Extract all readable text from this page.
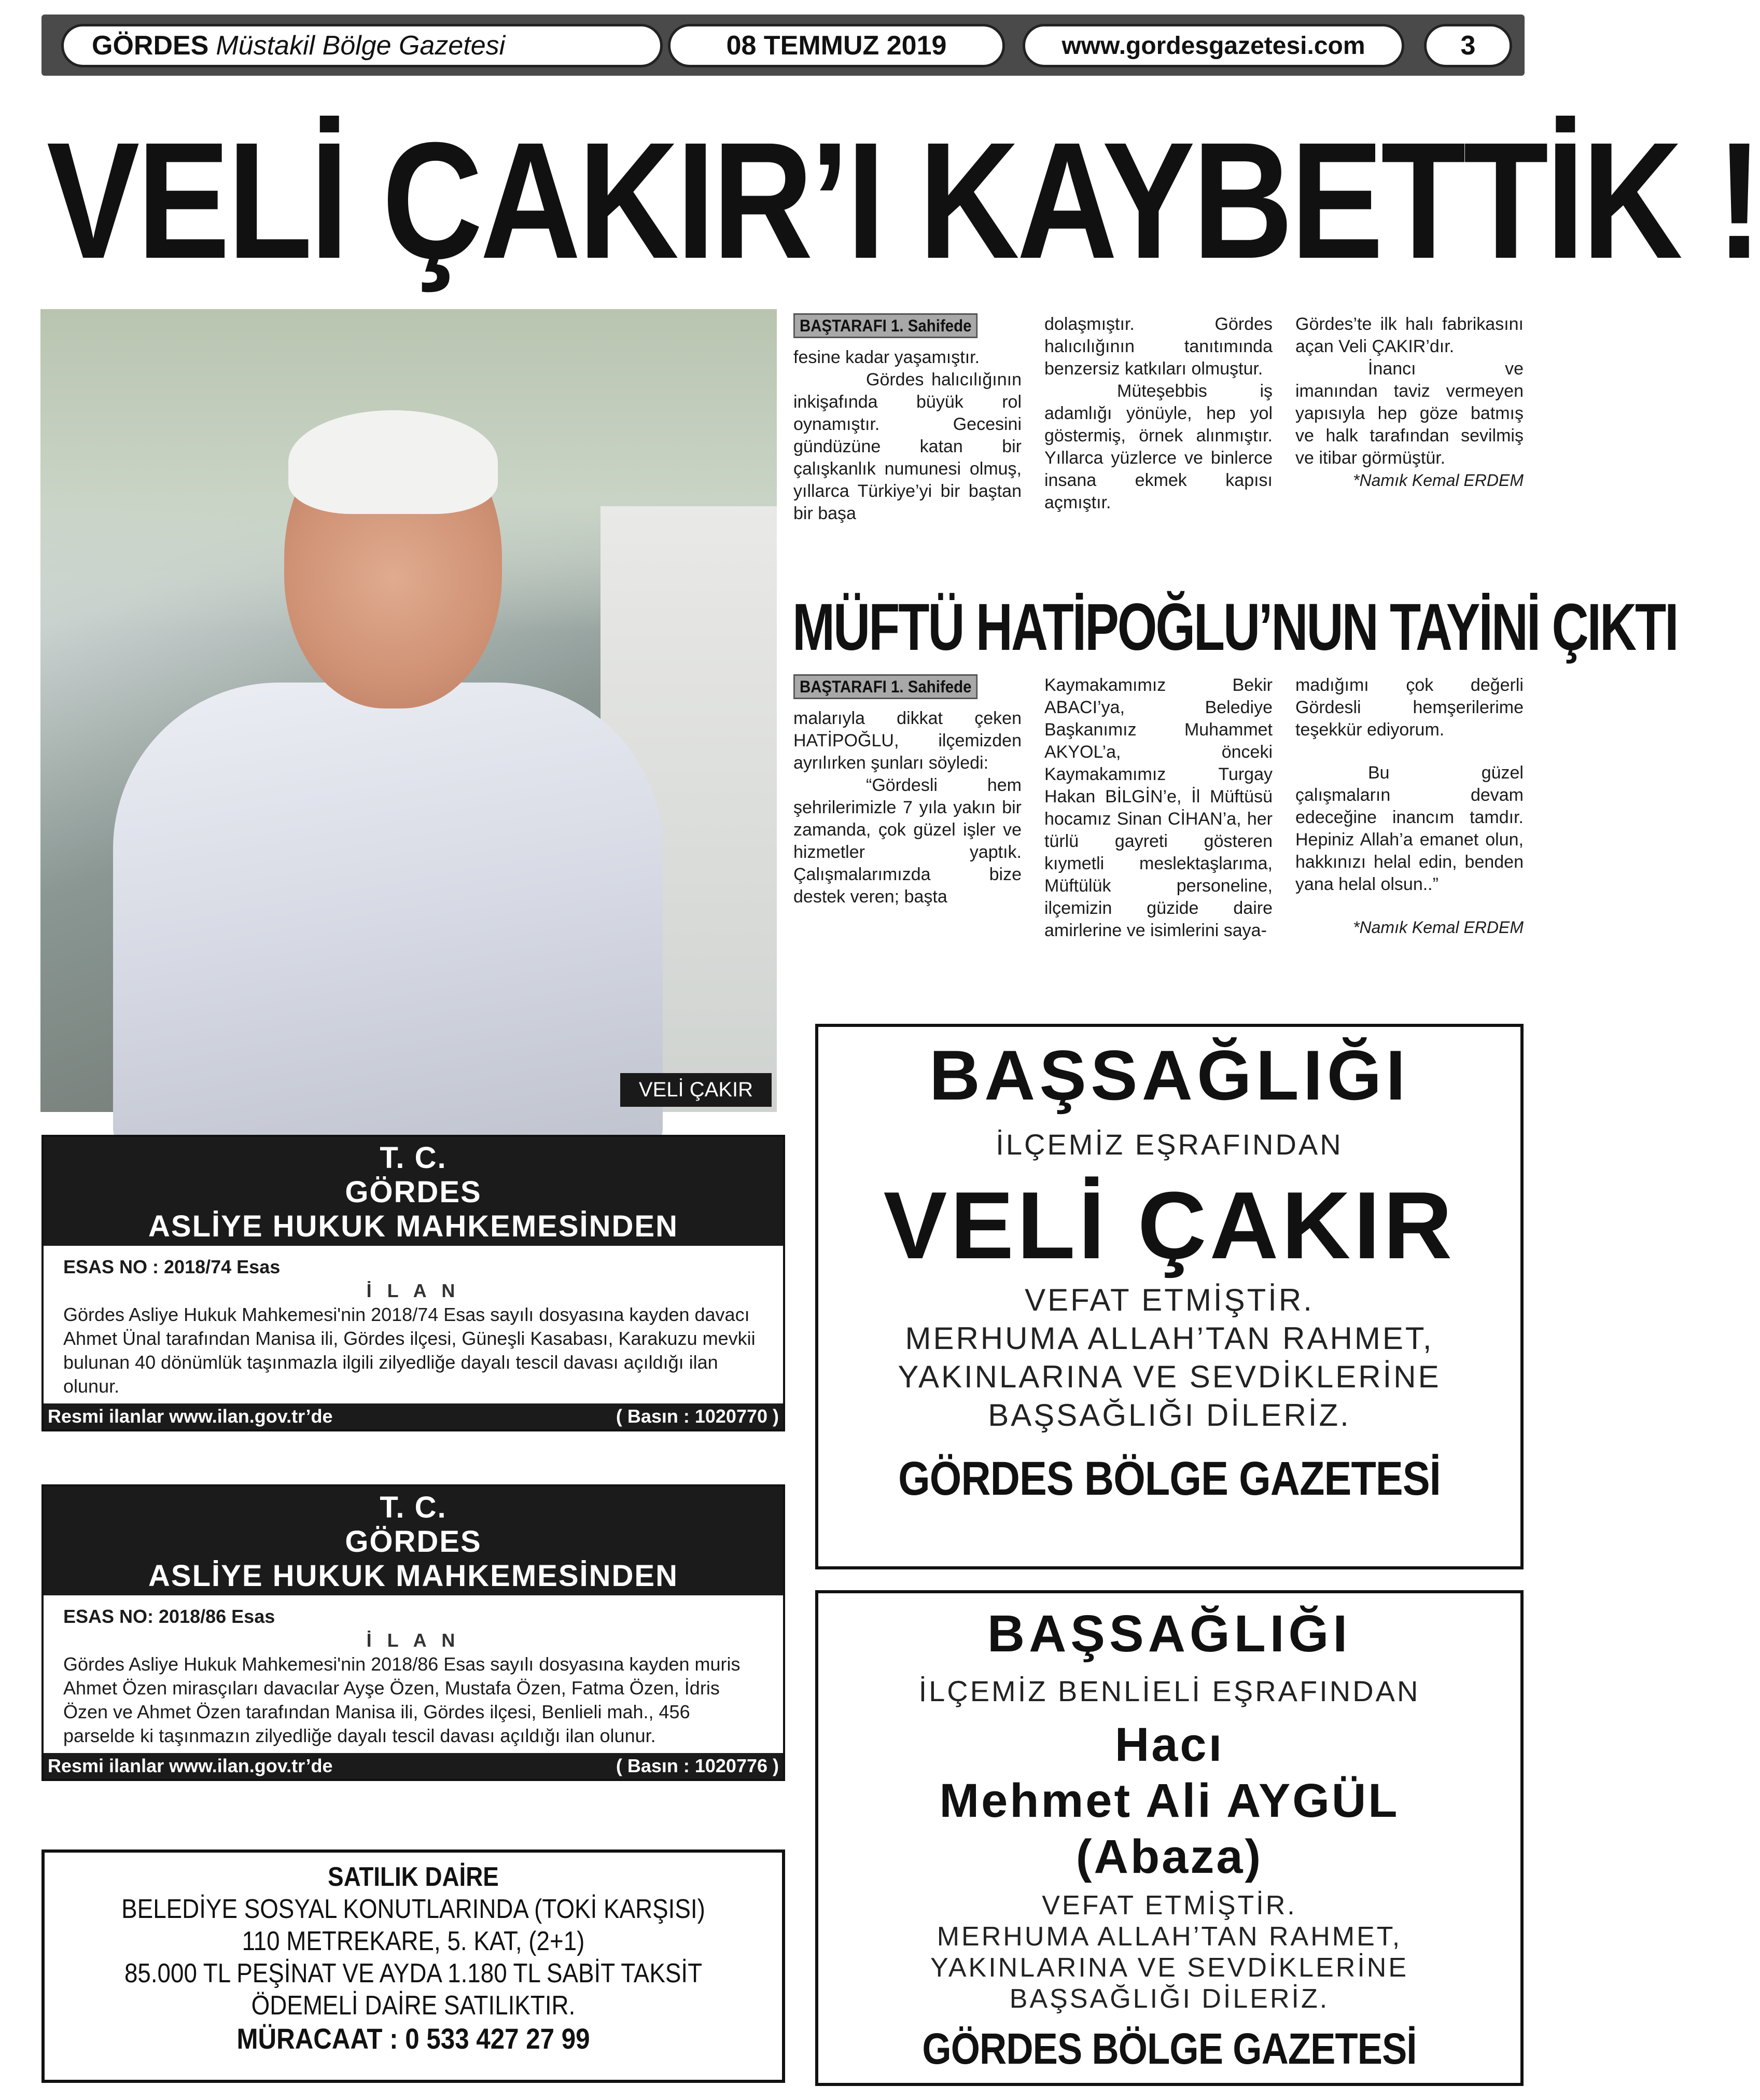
GÖRDES Müstakil Bölge Gazetesi	08 TEMMUZ 2019	www.gordesgazetesi.com	3
VELİ ÇAKIR’I KAYBETTİK !
VELİ ÇAKIR
BAŞTARAFI 1. Sahifede

fesine kadar yaşamıştır.

Gördes halıcılığının inkişafında büyük rol oynamıştır. Gecesini gündüzüne katan bir çalışkanlık numunesi olmuş, yıllarca Türkiye’yi bir baştan bir başa

dolaşmıştır. Gördes halıcılığının tanıtımında benzersiz katkıları olmuştur.

Müteşebbis iş adamlığı yönüyle, hep yol göstermiş, örnek alınmıştır. Yıllarca yüzlerce ve binlerce insana ekmek kapısı açmıştır.

Gördes’te ilk halı fabrikasını açan Veli ÇAKIR’dır.

İnancı ve imanından taviz vermeyen yapısıyla hep göze batmış ve halk tarafından sevilmiş ve itibar görmüştür.

*Namık Kemal ERDEM

MÜFTÜ HATİPOĞLU’NUN TAYİNİ ÇIKTI
BAŞTARAFI 1. Sahifede

malarıyla dikkat çeken HATİPOĞLU, ilçemizden ayrılırken şunları söyledi:

“Gördesli hem şehrilerimizle 7 yıla yakın bir zamanda, çok güzel işler ve hizmetler yaptık. Çalışmalarımızda bize destek veren; başta

Kaymakamımız Bekir ABACI’ya, Belediye Başkanımız Muhammet AKYOL’a, önceki Kaymakamımız Turgay Hakan BİLGİN’e, İl Müftüsü hocamız Sinan CİHAN’a, her türlü gayreti gösteren kıymetli meslektaşlarıma, Müftülük personeline, ilçemizin güzide daire amirlerine ve isimlerini saya-

madığımı çok değerli Gördesli hemşerilerime teşekkür ediyorum.

Bu güzel çalışmaların devam edeceğine inancım tamdır. Hepiniz Allah’a emanet olun, hakkınızı helal edin, benden yana helal olsun..”

*Namık Kemal ERDEM

T. C.
GÖRDES
ASLİYE HUKUK MAHKEMESİNDEN
ESAS NO : 2018/74 Esas
İ L A N
Gördes Asliye Hukuk Mahkemesi'nin 2018/74 Esas sayılı dosyasına kayden davacı Ahmet Ünal tarafından Manisa ili, Gördes ilçesi, Güneşli Kasabası, Karakuzu mevkii bulunan 40 dönümlük taşınmazla ilgili zilyedliğe dayalı tescil davası açıldığı ilan olunur.
Resmi ilanlar www.ilan.gov.tr’de	( Basın : 1020770 )
T. C.
GÖRDES
ASLİYE HUKUK MAHKEMESİNDEN
ESAS NO: 2018/86 Esas
İ L A N
Gördes Asliye Hukuk Mahkemesi'nin 2018/86 Esas sayılı dosyasına kayden muris Ahmet Özen mirasçıları davacılar Ayşe Özen, Mustafa Özen, Fatma Özen, İdris Özen ve Ahmet Özen tarafından Manisa ili, Gördes ilçesi, Benlieli mah., 456 parselde ki taşınmazın zilyedliğe dayalı tescil davası açıldığı ilan olunur.
Resmi ilanlar www.ilan.gov.tr’de	( Basın : 1020776 )
SATILIK DAİRE
BELEDİYE SOSYAL KONUTLARINDA (TOKİ KARŞISI)
110 METREKARE, 5. KAT, (2+1)
85.000 TL PEŞİNAT VE AYDA 1.180 TL SABİT TAKSİT
ÖDEMELİ DAİRE SATILIKTIR.
MÜRACAAT : 0 533 427 27 99
BAŞSAĞLIĞI
İLÇEMİZ EŞRAFINDAN
VELİ ÇAKIR
VEFAT ETMİŞTİR.
MERHUMA ALLAH’TAN RAHMET,
YAKINLARINA VE SEVDİKLERİNE
BAŞSAĞLIĞI DİLERİZ.
GÖRDES BÖLGE GAZETESİ
BAŞSAĞLIĞI
İLÇEMİZ BENLİELİ EŞRAFINDAN
Hacı
Mehmet Ali AYGÜL
(Abaza)
VEFAT ETMİŞTİR.
MERHUMA ALLAH’TAN RAHMET,
YAKINLARINA VE SEVDİKLERİNE
BAŞSAĞLIĞI DİLERİZ.
GÖRDES BÖLGE GAZETESİ
